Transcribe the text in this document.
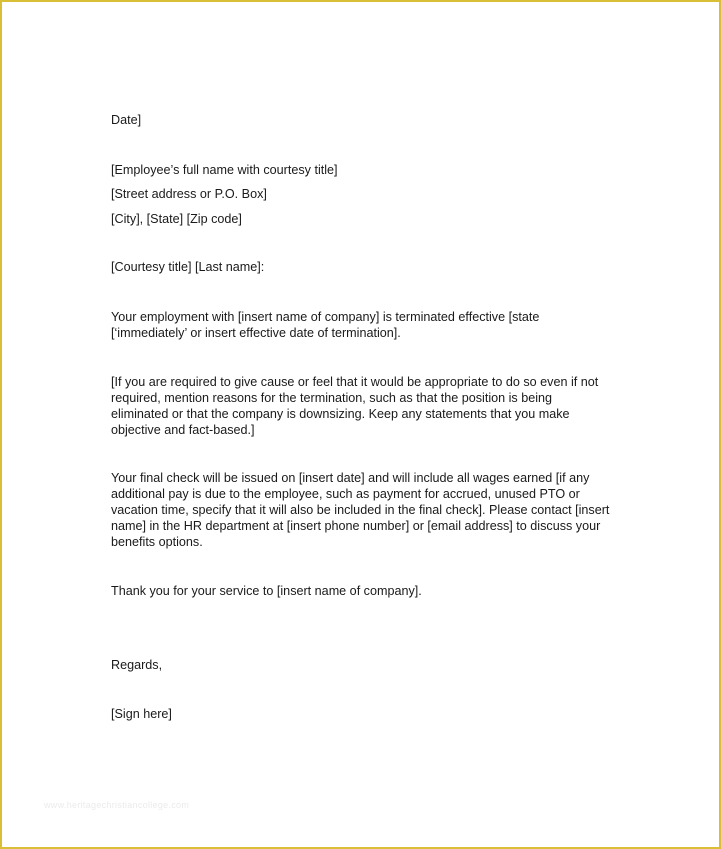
Date]

[Employee’s full name with courtesy title]

[Street address or P.O. Box]

[City], [State] [Zip code]

[Courtesy title] [Last name]:

Your employment with [insert name of company] is terminated effective [state [‘immediately’ or insert effective date of termination].

[If you are required to give cause or feel that it would be appropriate to do so even if not required, mention reasons for the termination, such as that the position is being eliminated or that the company is downsizing. Keep any statements that you make objective and fact-based.]

Your final check will be issued on [insert date] and will include all wages earned [if any additional pay is due to the employee, such as payment for accrued, unused PTO or vacation time, specify that it will also be included in the final check]. Please contact [insert name] in the HR department at [insert phone number] or [email address] to discuss your benefits options.

Thank you for your service to [insert name of company].

Regards,

[Sign here]

www.heritagechristiancollege.com
